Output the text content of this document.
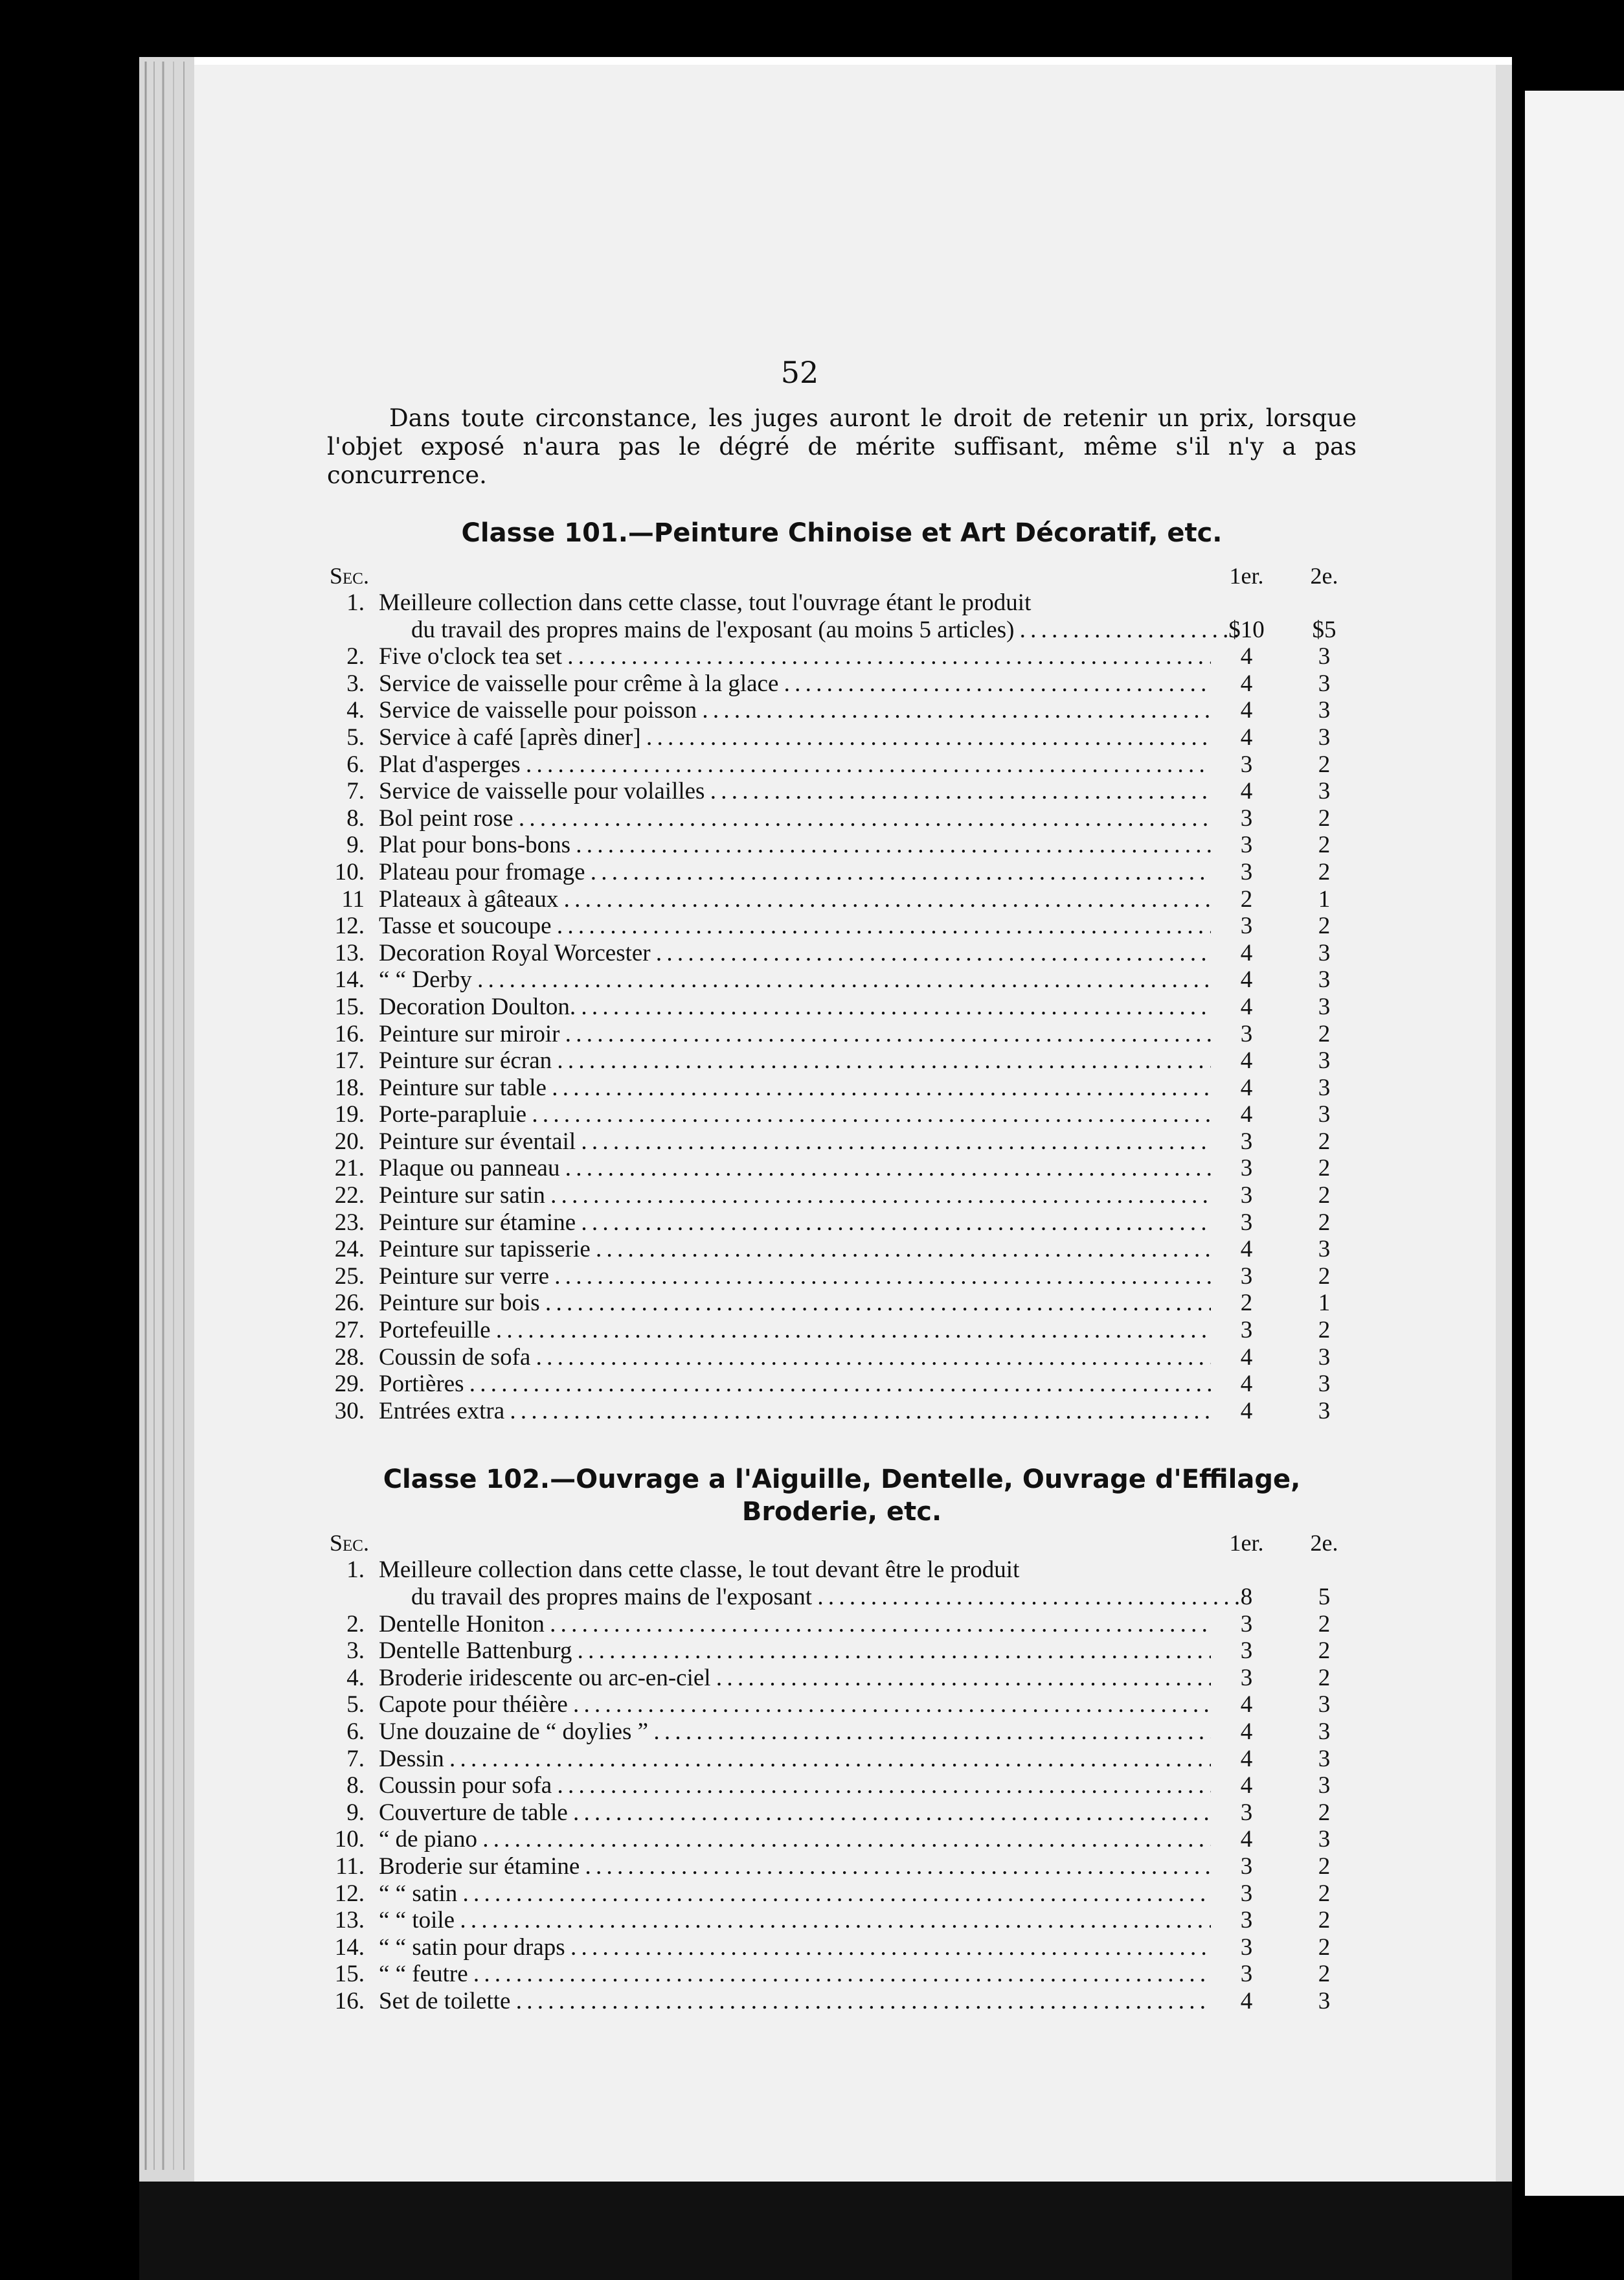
52
Dans toute circonstance, les juges auront le droit de retenir un prix, lorsque l'objet exposé n'aura pas le dégré de mérite suffisant, même s'il n'y a pas concurrence.
Classe 101.—Peinture Chinoise et Art Décoratif, etc.
Sec.	1er.	2e.
1. Meilleure collection dans cette classe, tout l'ouvrage étant le produit
du travail des propres mains de l'exposant (au moins 5 articles) . . .	$10	$5
2. Five o'clock tea set . . .	4	3
3. Service de vaisselle pour crême à la glace . . .	4	3
4. Service de vaisselle pour poisson . . .	4	3
5. Service à café [après diner] . . .	4	3
6. Plat d'asperges . . .	3	2
7. Service de vaisselle pour volailles . . .	4	3
8. Bol peint rose . . .	3	2
9. Plat pour bons-bons . . .	3	2
10. Plateau pour fromage . . .	3	2
11 Plateaux à gâteaux . . .	2	1
12. Tasse et soucoupe . . .	3	2
13. Decoration Royal Worcester . . .	4	3
14. “ “ Derby . . .	4	3
15. Decoration Doulton. . . .	4	3
16. Peinture sur miroir . . .	3	2
17. Peinture sur écran . . .	4	3
18. Peinture sur table . . .	4	3
19. Porte-parapluie . . .	4	3
20. Peinture sur éventail . . .	3	2
21. Plaque ou panneau . . .	3	2
22. Peinture sur satin . . .	3	2
23. Peinture sur étamine . . .	3	2
24. Peinture sur tapisserie . . .	4	3
25. Peinture sur verre . . .	3	2
26. Peinture sur bois . . .	2	1
27. Portefeuille . . .	3	2
28. Coussin de sofa . . .	4	3
29. Portières . . .	4	3
30. Entrées extra . . .	4	3
Classe 102.—Ouvrage a l'Aiguille, Dentelle, Ouvrage d'Effilage,
Broderie, etc.
Sec.	1er.	2e.
1. Meilleure collection dans cette classe, le tout devant être le produit
du travail des propres mains de l'exposant . . .	8	5
2. Dentelle Honiton . . .	3	2
3. Dentelle Battenburg . . .	3	2
4. Broderie iridescente ou arc-en-ciel . . .	3	2
5. Capote pour théière . . .	4	3
6. Une douzaine de “ doylies ” . . .	4	3
7. Dessin . . .	4	3
8. Coussin pour sofa . . .	4	3
9. Couverture de table . . .	3	2
10. “ de piano . . .	4	3
11. Broderie sur étamine . . .	3	2
12. “ “ satin . . .	3	2
13. “ “ toile . . .	3	2
14. “ “ satin pour draps . . .	3	2
15. “ “ feutre . . .	3	2
16. Set de toilette . . .	4	3
